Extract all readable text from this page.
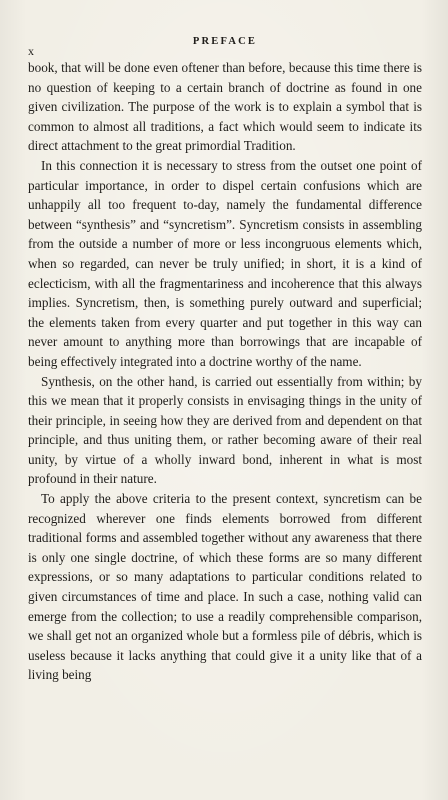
x
PREFACE

book, that will be done even oftener than before, because this time there is no question of keeping to a certain branch of doctrine as found in one given civilization. The purpose of the work is to explain a symbol that is common to almost all traditions, a fact which would seem to indicate its direct attachment to the great primordial Tradition.

In this connection it is necessary to stress from the outset one point of particular importance, in order to dispel certain confusions which are unhappily all too frequent to-day, namely the fundamental difference between “synthesis” and “syncretism”. Syncretism consists in assembling from the outside a number of more or less incongruous elements which, when so regarded, can never be truly unified; in short, it is a kind of eclecticism, with all the fragmentariness and incoherence that this always implies. Syncretism, then, is something purely outward and superficial; the elements taken from every quarter and put together in this way can never amount to anything more than borrowings that are incapable of being effectively integrated into a doctrine worthy of the name.

Synthesis, on the other hand, is carried out essentially from within; by this we mean that it properly consists in envisaging things in the unity of their principle, in seeing how they are derived from and dependent on that principle, and thus uniting them, or rather becoming aware of their real unity, by virtue of a wholly inward bond, inherent in what is most profound in their nature.

To apply the above criteria to the present context, syncretism can be recognized wherever one finds elements borrowed from different traditional forms and assembled together without any awareness that there is only one single doctrine, of which these forms are so many different expressions, or so many adaptations to particular conditions related to given circumstances of time and place. In such a case, nothing valid can emerge from the collection; to use a readily comprehensible comparison, we shall get not an organized whole but a formless pile of débris, which is useless because it lacks anything that could give it a unity like that of a living being
